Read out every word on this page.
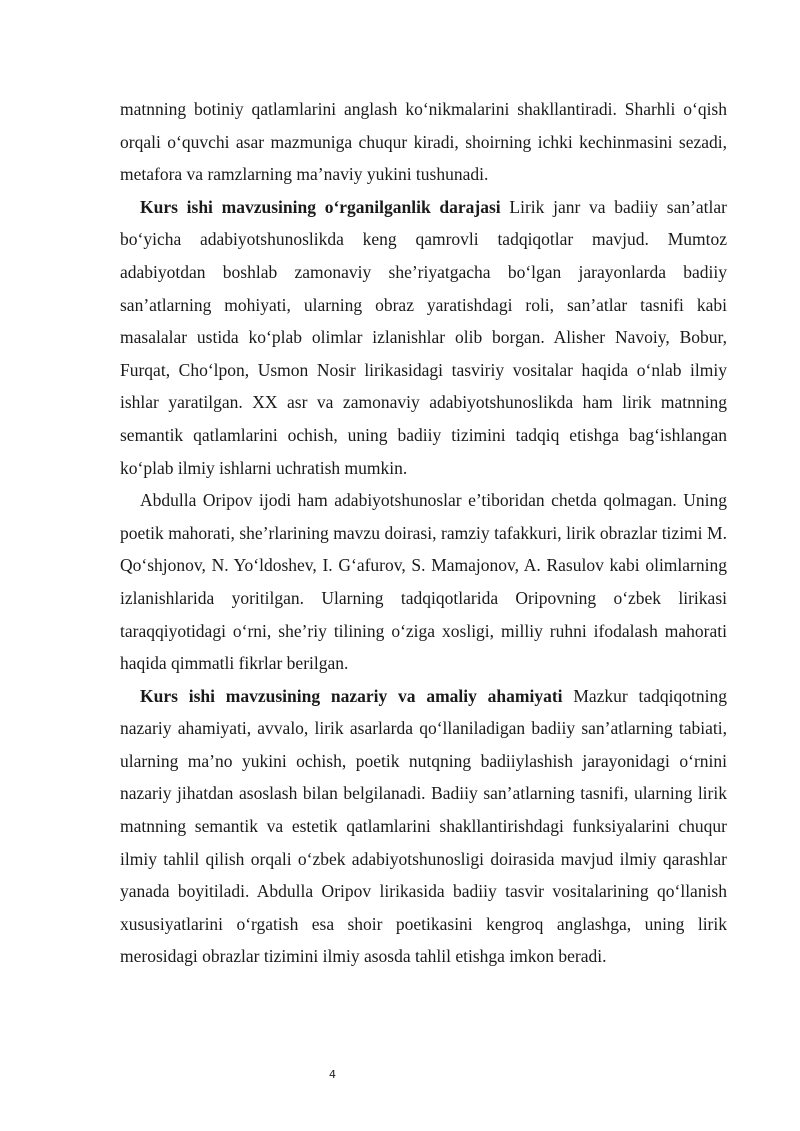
matnning botiniy qatlamlarini anglash ko‘nikmalarini shakllantiradi. Sharhli o‘qish orqali o‘quvchi asar mazmuniga chuqur kiradi, shoirning ichki kechinmasini sezadi, metafora va ramzlarning ma’naviy yukini tushunadi.

Kurs ishi mavzusining o‘rganilganlik darajasi Lirik janr va badiiy san’atlar bo‘yicha adabiyotshunoslikda keng qamrovli tadqiqotlar mavjud. Mumtoz adabiyotdan boshlab zamonaviy she’riyatgacha bo‘lgan jarayonlarda badiiy san’atlarning mohiyati, ularning obraz yaratishdagi roli, san’atlar tasnifi kabi masalalar ustida ko‘plab olimlar izlanishlar olib borgan. Alisher Navoiy, Bobur, Furqat, Cho‘lpon, Usmon Nosir lirikasidagi tasviriy vositalar haqida o‘nlab ilmiy ishlar yaratilgan. XX asr va zamonaviy adabiyotshunoslikda ham lirik matnning semantik qatlamlarini ochish, uning badiiy tizimini tadqiq etishga bag‘ishlangan ko‘plab ilmiy ishlarni uchratish mumkin.

Abdulla Oripov ijodi ham adabiyotshunoslar e’tiboridan chetda qolmagan. Uning poetik mahorati, she’rlarining mavzu doirasi, ramziy tafakkuri, lirik obrazlar tizimi M. Qo‘shjonov, N. Yo‘ldoshev, I. G‘afurov, S. Mamajonov, A. Rasulov kabi olimlarning izlanishlarida yoritilgan. Ularning tadqiqotlarida Oripovning o‘zbek lirikasi taraqqiyotidagi o‘rni, she’riy tilining o‘ziga xosligi, milliy ruhni ifodalash mahorati haqida qimmatli fikrlar berilgan.

Kurs ishi mavzusining nazariy va amaliy ahamiyati Mazkur tadqiqotning nazariy ahamiyati, avvalo, lirik asarlarda qo‘llaniladigan badiiy san’atlarning tabiati, ularning ma’no yukini ochish, poetik nutqning badiiylashish jarayonidagi o‘rnini nazariy jihatdan asoslash bilan belgilanadi. Badiiy san’atlarning tasnifi, ularning lirik matnning semantik va estetik qatlamlarini shakllantirishdagi funksiyalarini chuqur ilmiy tahlil qilish orqali o‘zbek adabiyotshunosligi doirasida mavjud ilmiy qarashlar yanada boyitiladi. Abdulla Oripov lirikasida badiiy tasvir vositalarining qo‘llanish xususiyatlarini o‘rgatish esa shoir poetikasini kengroq anglashga, uning lirik merosidagi obrazlar tizimini ilmiy asosda tahlil etishga imkon beradi.

4
